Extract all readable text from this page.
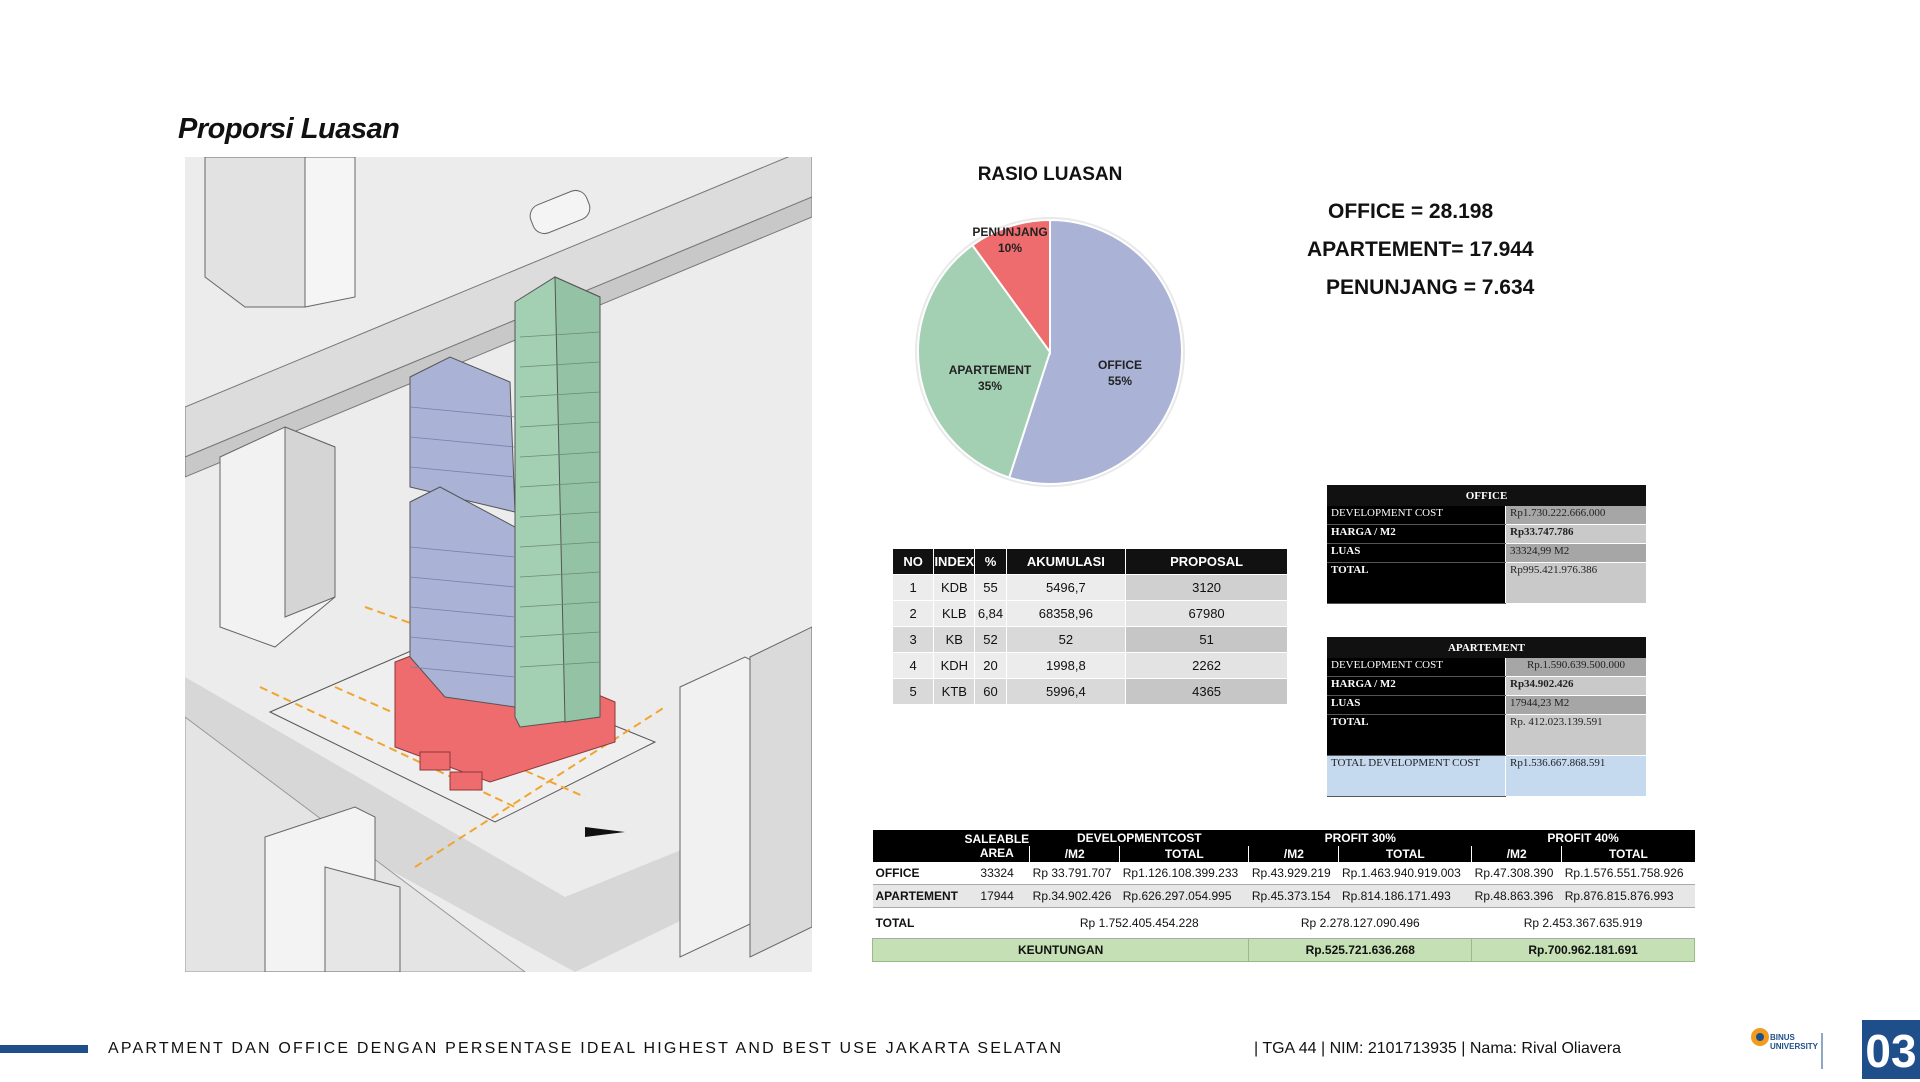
Proporsi Luasan
RASIO LUASAN
PENUNJANG
10%
APARTEMENT
35%
OFFICE
55%
OFFICE = 28.198
APARTEMENT= 17.944
PENUNJANG = 7.634
NO	INDEX	%	AKUMULASI	PROPOSAL
1	KDB	55	5496,7	3120
2	KLB	6,84	68358,96	67980
3	KB	52	52	51
4	KDH	20	1998,8	2262
5	KTB	60	5996,4	4365
OFFICE	
DEVELOPMENT COST	Rp1.730.222.666.000
HARGA / M2	Rp33.747.786
LUAS	33324,99 M2
TOTAL	Rp995.421.976.386
APARTEMENT	
DEVELOPMENT COST	Rp.1.590.639.500.000
HARGA / M2	Rp34.902.426
LUAS	17944,23 M2
TOTAL	Rp. 412.023.139.591
TOTAL DEVELOPMENT COST	Rp1.536.667.868.591
	SALEABLE AREA	DEVELOPMENTCOST		PROFIT 30%		PROFIT 40%	
		/M2	TOTAL	/M2	TOTAL	/M2	TOTAL
OFFICE	33324	Rp 33.791.707	Rp1.126.108.399.233	Rp.43.929.219	Rp.1.463.940.919.003	Rp.47.308.390	Rp.1.576.551.758.926
APARTEMENT	17944	Rp.34.902.426	Rp.626.297.054.995	Rp.45.373.154	Rp.814.186.171.493	Rp.48.863.396	Rp.876.815.876.993
TOTAL		Rp 1.752.405.454.228		Rp 2.278.127.090.496		Rp 2.453.367.635.919	
KEUNTUNGAN				Rp.525.721.636.268		Rp.700.962.181.691	
APARTMENT DAN OFFICE DENGAN PERSENTASE IDEAL HIGHEST AND BEST USE JAKARTA SELATAN	| TGA 44 | NIM: 2101713935 | Nama: Rival Oliavera
BINUS UNIVERSITY 03
